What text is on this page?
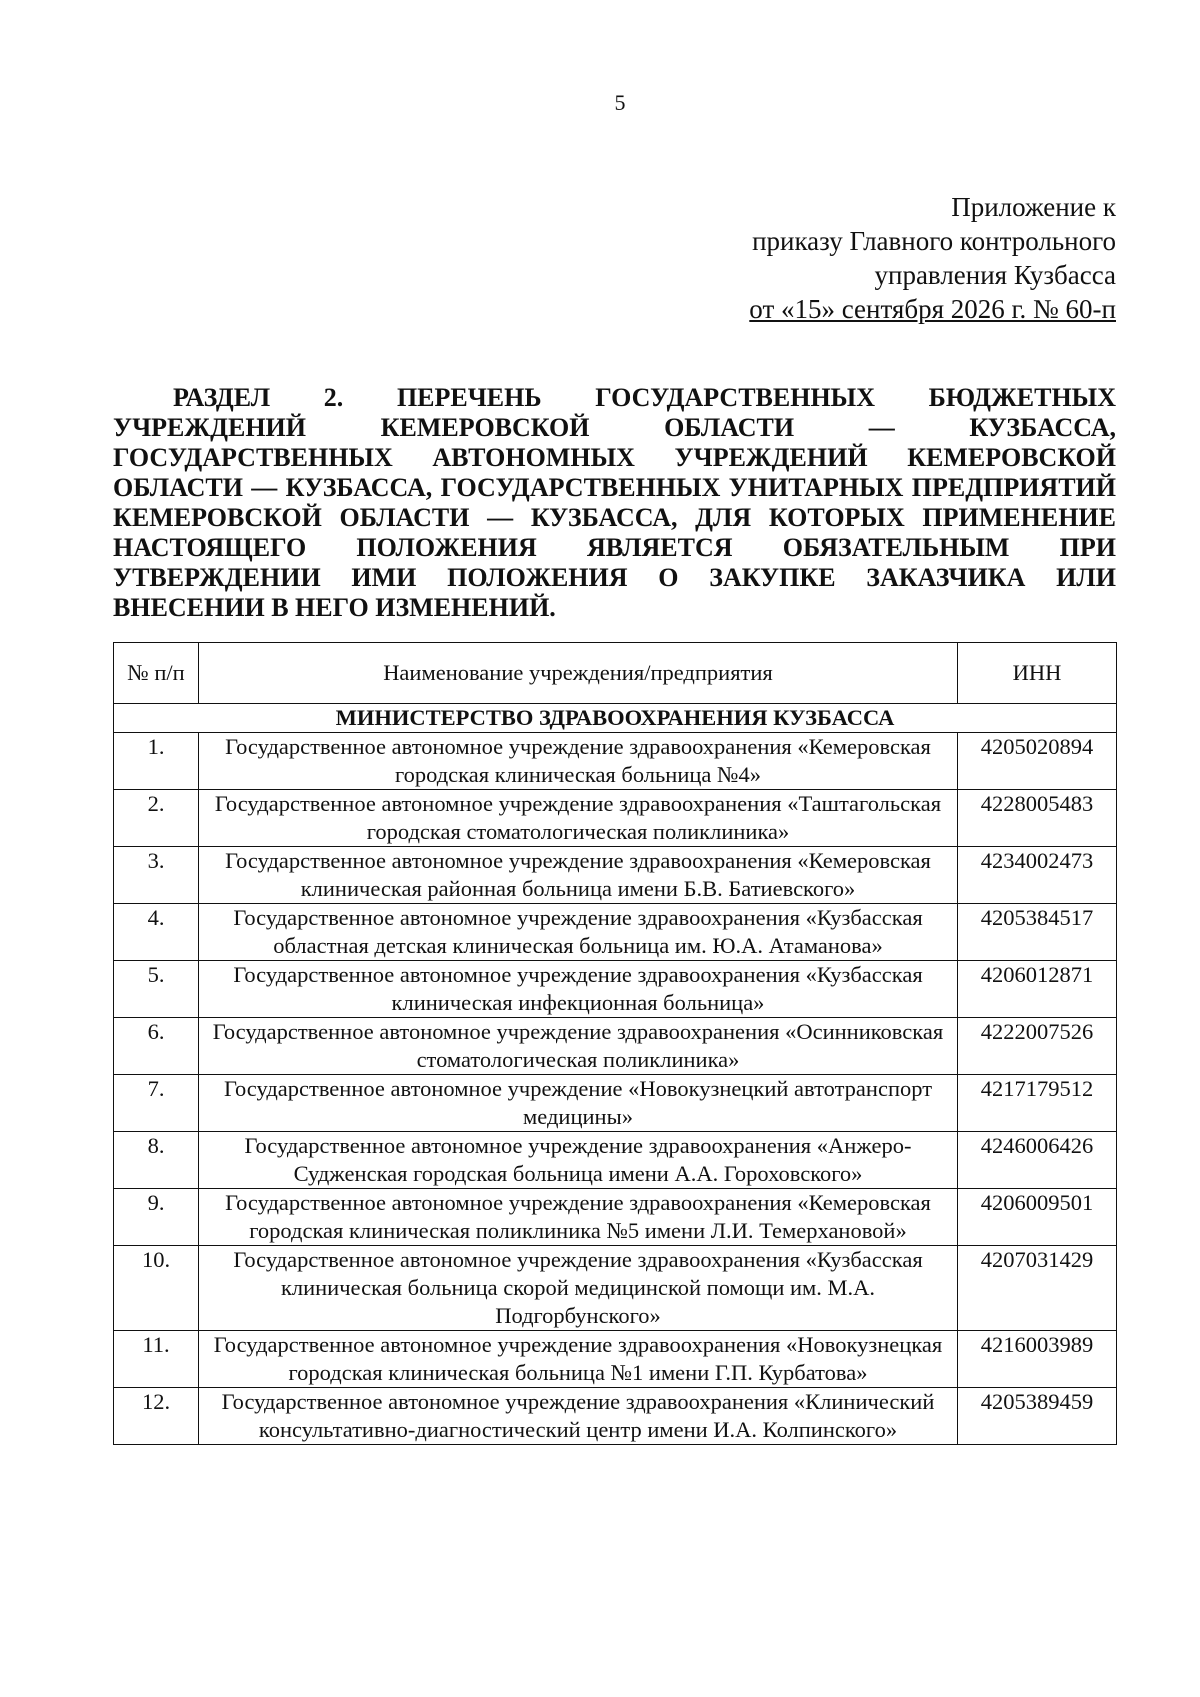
5
Приложение к
приказу Главного контрольного
управления Кузбасса
от «15» сентября 2026 г. № 60-п
РАЗДЕЛ 2. ПЕРЕЧЕНЬ ГОСУДАРСТВЕННЫХ БЮДЖЕТНЫХ УЧРЕЖДЕНИЙ КЕМЕРОВСКОЙ ОБЛАСТИ — КУЗБАССА, ГОСУДАРСТВЕННЫХ АВТОНОМНЫХ УЧРЕЖДЕНИЙ КЕМЕРОВСКОЙ ОБЛАСТИ — КУЗБАССА, ГОСУДАРСТВЕННЫХ УНИТАРНЫХ ПРЕДПРИЯТИЙ КЕМЕРОВСКОЙ ОБЛАСТИ — КУЗБАССА, ДЛЯ КОТОРЫХ ПРИМЕНЕНИЕ НАСТОЯЩЕГО ПОЛОЖЕНИЯ ЯВЛЯЕТСЯ ОБЯЗАТЕЛЬНЫМ ПРИ УТВЕРЖДЕНИИ ИМИ ПОЛОЖЕНИЯ О ЗАКУПКЕ ЗАКАЗЧИКА ИЛИ ВНЕСЕНИИ В НЕГО ИЗМЕНЕНИЙ.
№ п/п	Наименование учреждения/предприятия	ИНН
МИНИСТЕРСТВО ЗДРАВООХРАНЕНИЯ КУЗБАССА		
1.	Государственное автономное учреждение здравоохранения «Кемеровская городская клиническая больница №4»	4205020894
2.	Государственное автономное учреждение здравоохранения «Таштагольская городская стоматологическая поликлиника»	4228005483
3.	Государственное автономное учреждение здравоохранения «Кемеровская клиническая районная больница имени Б.В. Батиевского»	4234002473
4.	Государственное автономное учреждение здравоохранения «Кузбасская областная детская клиническая больница им. Ю.А. Атаманова»	4205384517
5.	Государственное автономное учреждение здравоохранения «Кузбасская клиническая инфекционная больница»	4206012871
6.	Государственное автономное учреждение здравоохранения «Осинниковская стоматологическая поликлиника»	4222007526
7.	Государственное автономное учреждение «Новокузнецкий автотранспорт медицины»	4217179512
8.	Государственное автономное учреждение здравоохранения «Анжеро-Судженская городская больница имени А.А. Гороховского»	4246006426
9.	Государственное автономное учреждение здравоохранения «Кемеровская городская клиническая поликлиника №5 имени Л.И. Темерхановой»	4206009501
10.	Государственное автономное учреждение здравоохранения «Кузбасская клиническая больница скорой медицинской помощи им. М.А. Подгорбунского»	4207031429
11.	Государственное автономное учреждение здравоохранения «Новокузнецкая городская клиническая больница №1 имени Г.П. Курбатова»	4216003989
12.	Государственное автономное учреждение здравоохранения «Клинический консультативно-диагностический центр имени И.А. Колпинского»	4205389459
